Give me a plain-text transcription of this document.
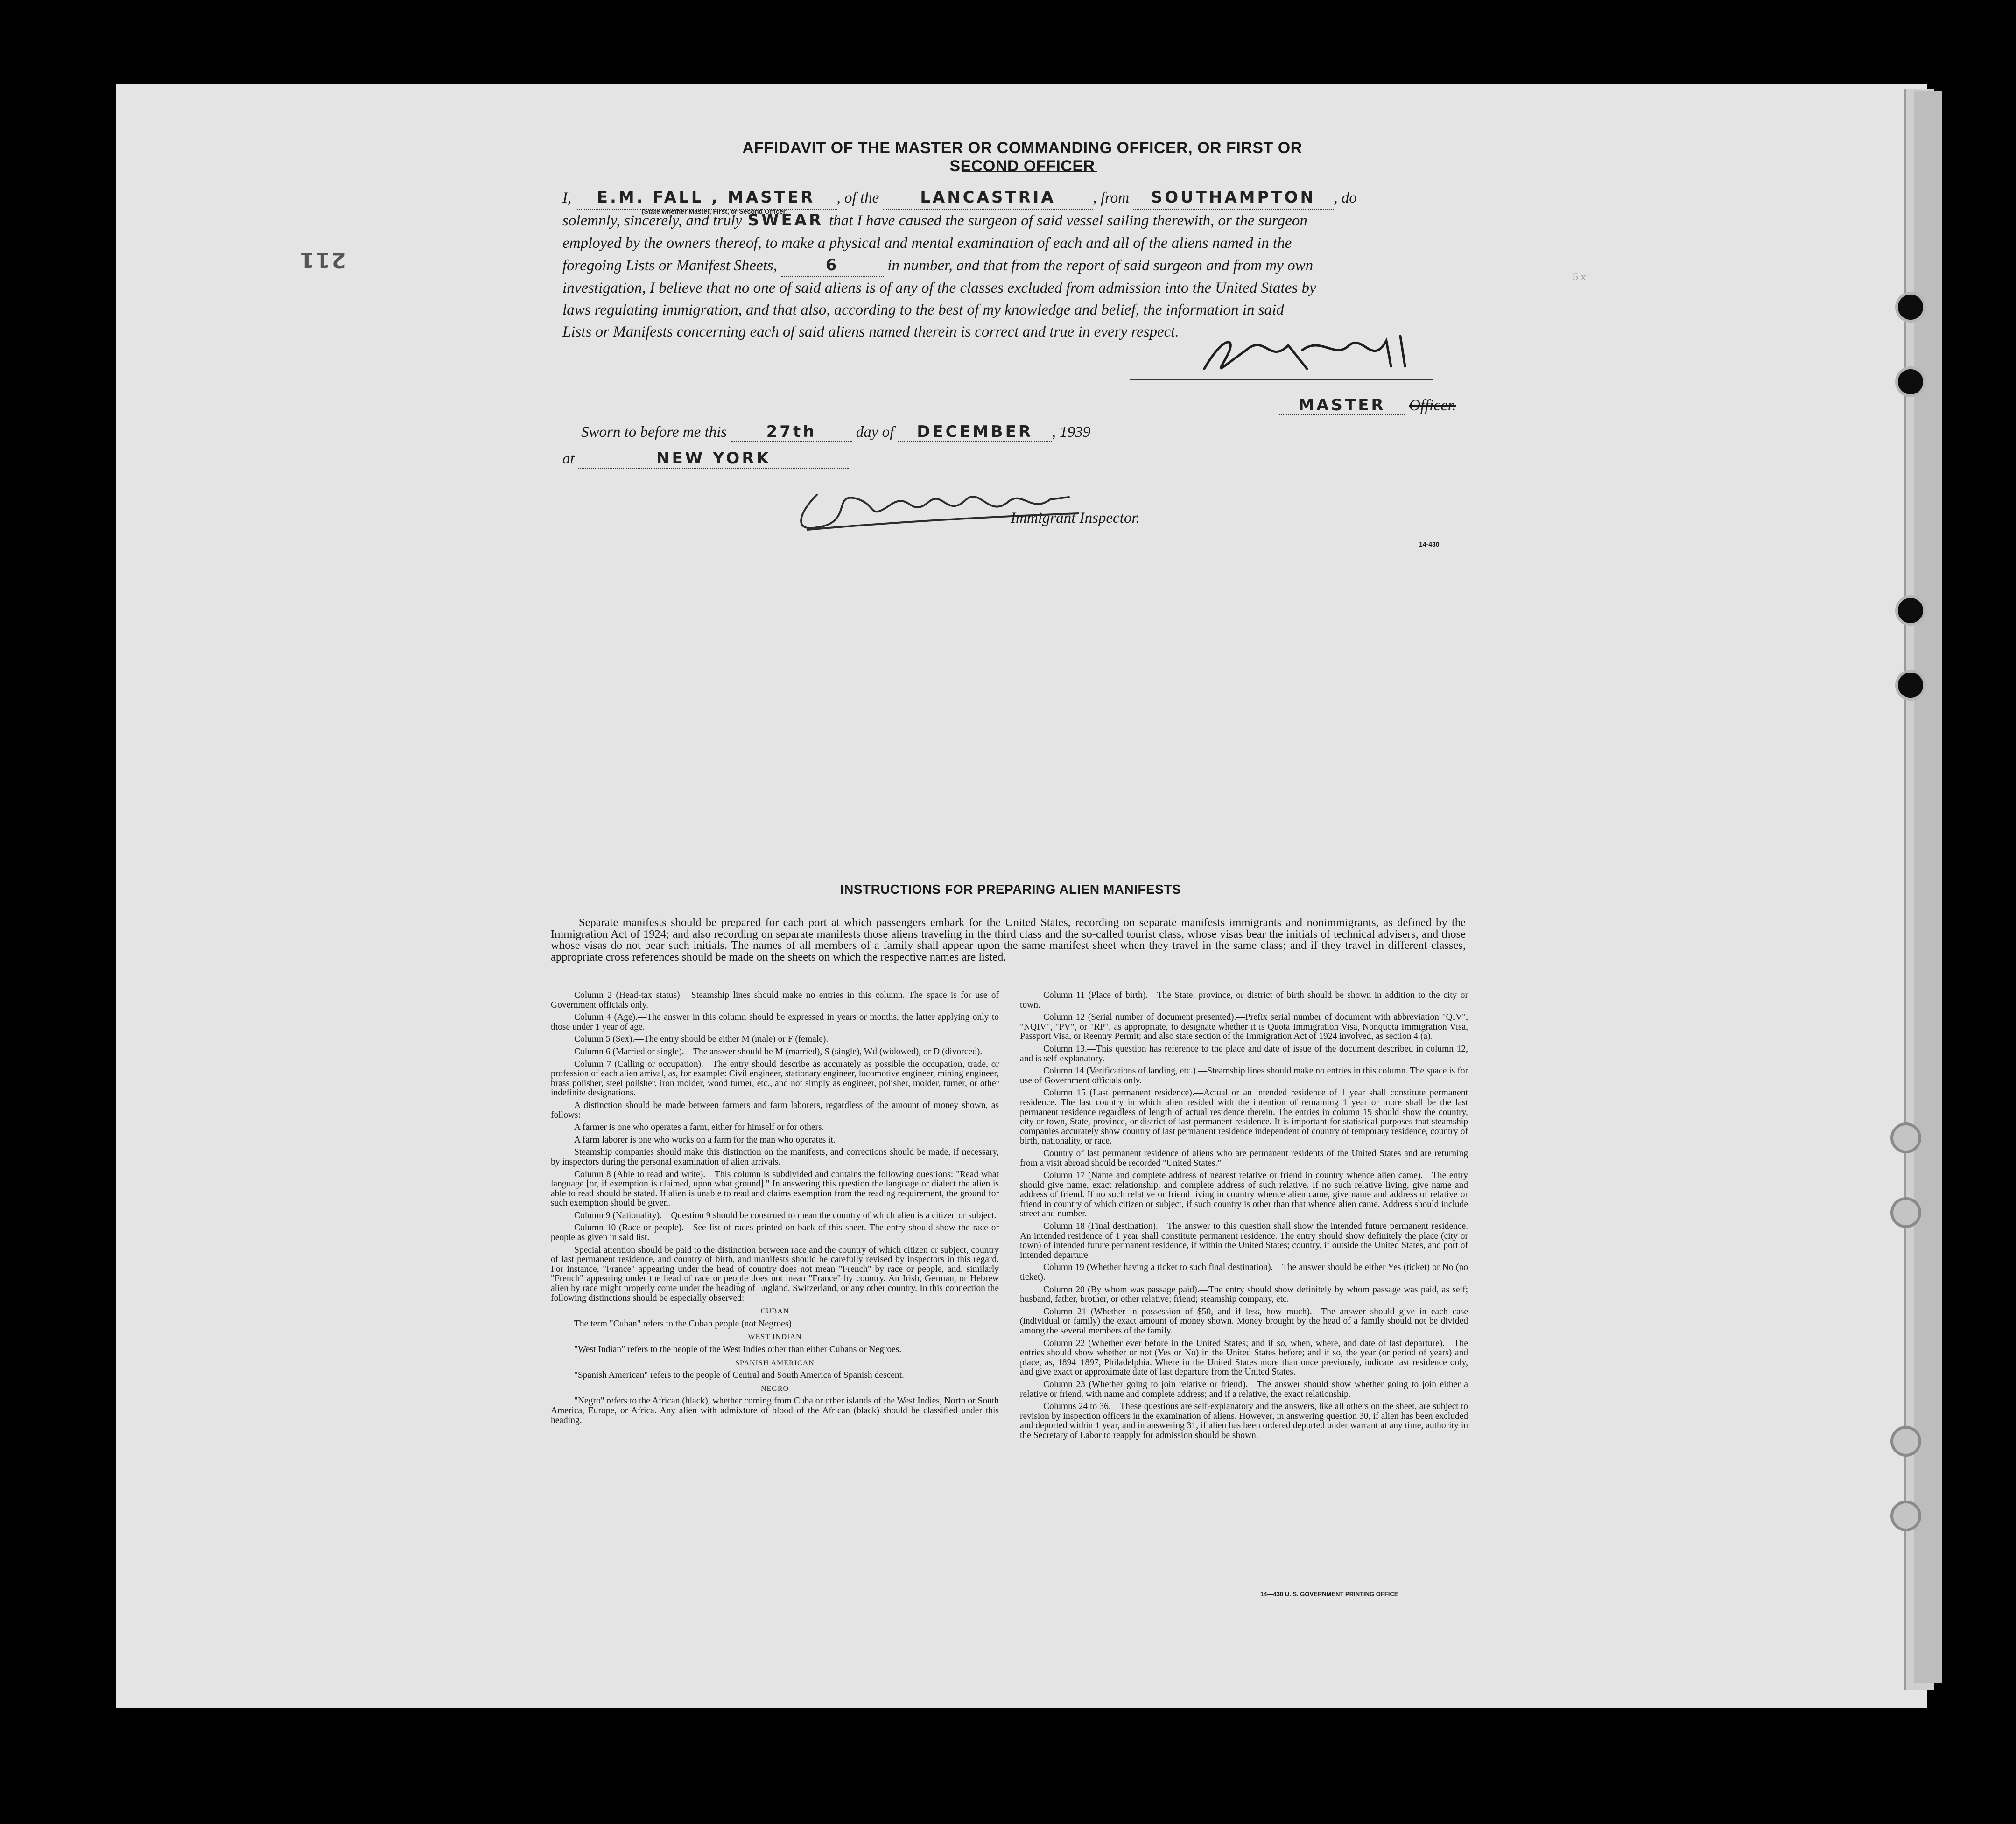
211
5 x
AFFIDAVIT OF THE MASTER OR COMMANDING OFFICER, OR FIRST OR SECOND OFFICER
I, E.M. FALL , MASTER , of the	LANCASTRIA , from SOUTHAMPTON , do
solemnly, sincerely, and truly SWEAR that I have caused the surgeon of said vessel sailing therewith, or the surgeon
employed by the owners thereof, to make a physical and mental examination of each and all of the aliens named in the
foregoing Lists or Manifest Sheets,	6	in number, and that from the report of said surgeon and from my own
investigation, I believe that no one of said aliens is of any of the classes excluded from admission into the United States by
laws regulating immigration, and that also, according to the best of my knowledge and belief, the information in said
Lists or Manifests concerning each of said aliens named therein is correct and true in every respect.
(State whether Master, First, or Second Officer)
MASTER Officer.
Sworn to before me this 27th	day of DECEMBER , 1939
at	NEW YORK
Immigrant Inspector.
14-430
INSTRUCTIONS FOR PREPARING ALIEN MANIFESTS
Separate manifests should be prepared for each port at which passengers embark for the United States, recording on separate manifests immigrants and nonimmigrants, as defined by the Immigration Act of 1924; and also recording on separate manifests those aliens traveling in the third class and the so-called tourist class, whose visas bear the initials of technical advisers, and those whose visas do not bear such initials. The names of all members of a family shall appear upon the same manifest sheet when they travel in the same class; and if they travel in different classes, appropriate cross references should be made on the sheets on which the respective names are listed.

Column 2 (Head-tax status).—Steamship lines should make no entries in this column. The space is for use of Government officials only.

Column 4 (Age).—The answer in this column should be expressed in years or months, the latter applying only to those under 1 year of age.

Column 5 (Sex).—The entry should be either M (male) or F (female).

Column 6 (Married or single).—The answer should be M (married), S (single), Wd (widowed), or D (divorced).

Column 7 (Calling or occupation).—The entry should describe as accurately as possible the occupation, trade, or profession of each alien arrival, as, for example: Civil engineer, stationary engineer, locomotive engineer, mining engineer, brass polisher, steel polisher, iron molder, wood turner, etc., and not simply as engineer, polisher, molder, turner, or other indefinite designations.

A distinction should be made between farmers and farm laborers, regardless of the amount of money shown, as follows:

A farmer is one who operates a farm, either for himself or for others.

A farm laborer is one who works on a farm for the man who operates it.

Steamship companies should make this distinction on the manifests, and corrections should be made, if necessary, by inspectors during the personal examination of alien arrivals.

Column 8 (Able to read and write).—This column is subdivided and contains the following questions: "Read what language [or, if exemption is claimed, upon what ground]." In answering this question the language or dialect the alien is able to read should be stated. If alien is unable to read and claims exemption from the reading requirement, the ground for such exemption should be given.

Column 9 (Nationality).—Question 9 should be construed to mean the country of which alien is a citizen or subject.

Column 10 (Race or people).—See list of races printed on back of this sheet. The entry should show the race or people as given in said list.

Special attention should be paid to the distinction between race and the country of which citizen or subject, country of last permanent residence, and country of birth, and manifests should be carefully revised by inspectors in this regard. For instance, "France" appearing under the head of country does not mean "French" by race or people, and, similarly "French" appearing under the head of race or people does not mean "France" by country. An Irish, German, or Hebrew alien by race might properly come under the heading of England, Switzerland, or any other country. In this connection the following distinctions should be especially observed:

CUBAN

The term "Cuban" refers to the Cuban people (not Negroes).

WEST INDIAN

"West Indian" refers to the people of the West Indies other than either Cubans or Negroes.

SPANISH AMERICAN

"Spanish American" refers to the people of Central and South America of Spanish descent.

NEGRO

"Negro" refers to the African (black), whether coming from Cuba or other islands of the West Indies, North or South America, Europe, or Africa. Any alien with admixture of blood of the African (black) should be classified under this heading.

Column 11 (Place of birth).—The State, province, or district of birth should be shown in addition to the city or town.

Column 12 (Serial number of document presented).—Prefix serial number of document with abbreviation "QIV", "NQIV", "PV", or "RP", as appropriate, to designate whether it is Quota Immigration Visa, Nonquota Immigration Visa, Passport Visa, or Reentry Permit; and also state section of the Immigration Act of 1924 involved, as section 4 (a).

Column 13.—This question has reference to the place and date of issue of the document described in column 12, and is self-explanatory.

Column 14 (Verifications of landing, etc.).—Steamship lines should make no entries in this column. The space is for use of Government officials only.

Column 15 (Last permanent residence).—Actual or an intended residence of 1 year shall constitute permanent residence. The last country in which alien resided with the intention of remaining 1 year or more shall be the last permanent residence regardless of length of actual residence therein. The entries in column 15 should show the country, city or town, State, province, or district of last permanent residence. It is important for statistical purposes that steamship companies accurately show country of last permanent residence independent of country of temporary residence, country of birth, nationality, or race.

Country of last permanent residence of aliens who are permanent residents of the United States and are returning from a visit abroad should be recorded "United States."

Column 17 (Name and complete address of nearest relative or friend in country whence alien came).—The entry should give name, exact relationship, and complete address of such relative. If no such relative living, give name and address of friend. If no such relative or friend living in country whence alien came, give name and address of relative or friend in country of which citizen or subject, if such country is other than that whence alien came. Address should include street and number.

Column 18 (Final destination).—The answer to this question shall show the intended future permanent residence. An intended residence of 1 year shall constitute permanent residence. The entry should show definitely the place (city or town) of intended future permanent residence, if within the United States; country, if outside the United States, and port of intended departure.

Column 19 (Whether having a ticket to such final destination).—The answer should be either Yes (ticket) or No (no ticket).

Column 20 (By whom was passage paid).—The entry should show definitely by whom passage was paid, as self; husband, father, brother, or other relative; friend; steamship company, etc.

Column 21 (Whether in possession of $50, and if less, how much).—The answer should give in each case (individual or family) the exact amount of money shown. Money brought by the head of a family should not be divided among the several members of the family.

Column 22 (Whether ever before in the United States; and if so, when, where, and date of last departure).—The entries should show whether or not (Yes or No) in the United States before; and if so, the year (or period of years) and place, as, 1894–1897, Philadelphia. Where in the United States more than once previously, indicate last residence only, and give exact or approximate date of last departure from the United States.

Column 23 (Whether going to join relative or friend).—The answer should show whether going to join either a relative or friend, with name and complete address; and if a relative, the exact relationship.

Columns 24 to 36.—These questions are self-explanatory and the answers, like all others on the sheet, are subject to revision by inspection officers in the examination of aliens. However, in answering question 30, if alien has been excluded and deported within 1 year, and in answering 31, if alien has been ordered deported under warrant at any time, authority in the Secretary of Labor to reapply for admission should be shown.

14—430 U. S. GOVERNMENT PRINTING OFFICE
